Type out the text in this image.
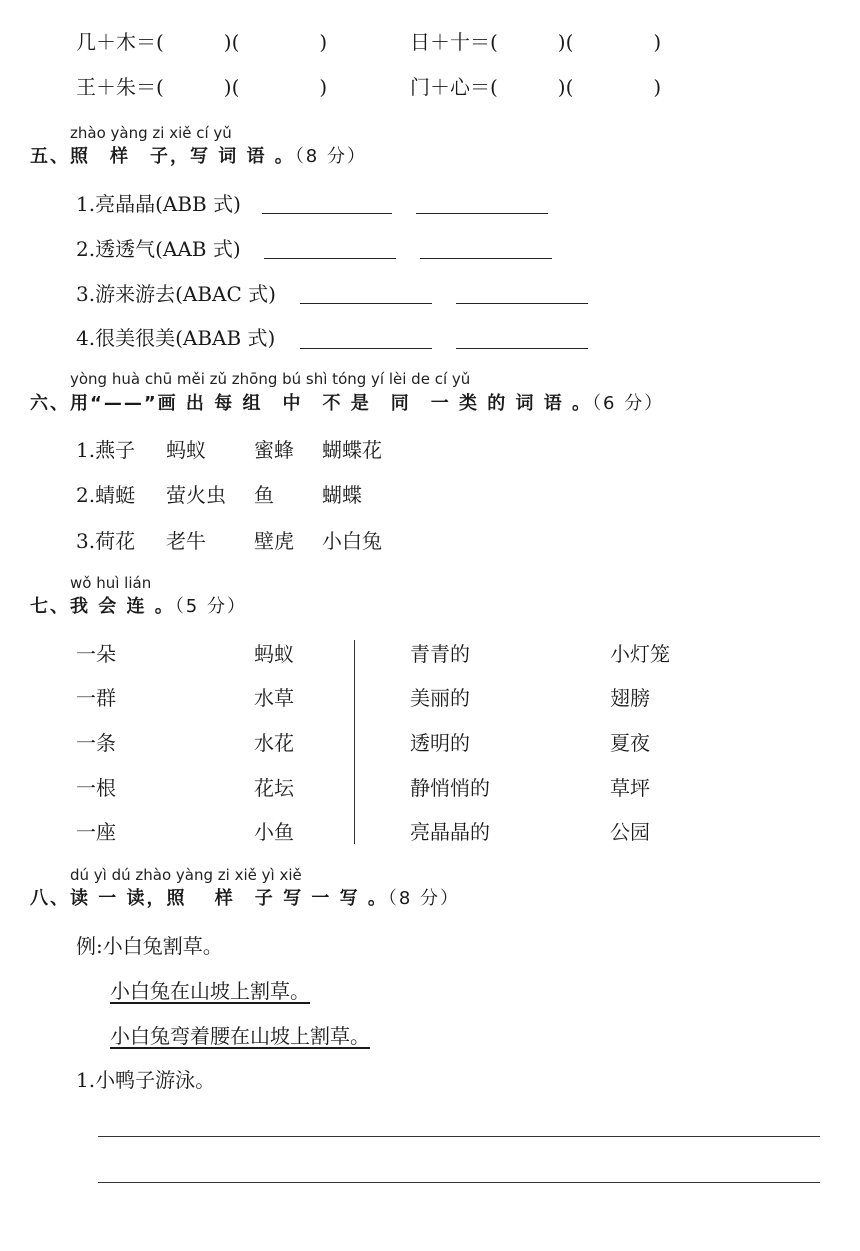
几＋木＝(　　　)(　　　　)	日＋十＝(　　　)(　　　　)
王＋朱＝(　　　)(　　　　)	门＋心＝(　　　)(　　　　)
zhào yàng zi xiě cí yǔ
五、照　样　子，写 词 语 。（8 分）
1.亮晶晶(ABB 式)
2.透透气(AAB 式)
3.游来游去(ABAC 式)
4.很美很美(ABAB 式)
yòng huà chū měi zǔ zhōng bú shì tóng yí lèi de cí yǔ
六、用“——”画 出 每 组　中　不 是　同　一 类 的 词 语 。（6 分）
1.燕子 蚂蚁 蜜蜂 蝴蝶花
2.蜻蜓 萤火虫 鱼 蝴蝶
3.荷花 老牛 壁虎 小白兔
wǒ huì lián
七、我 会 连 。（5 分）
一朵
一群
一条
一根
一座
蚂蚁
水草
水花
花坛
小鱼
青青的
美丽的
透明的
静悄悄的
亮晶晶的
小灯笼
翅膀
夏夜
草坪
公园
dú yì dú zhào yàng zi xiě yì xiě
八、读 一 读，照　 样　子 写 一 写 。（8 分）
例:小白兔割草。
小白兔在山坡上割草。
小白兔弯着腰在山坡上割草。
1.小鸭子游泳。
